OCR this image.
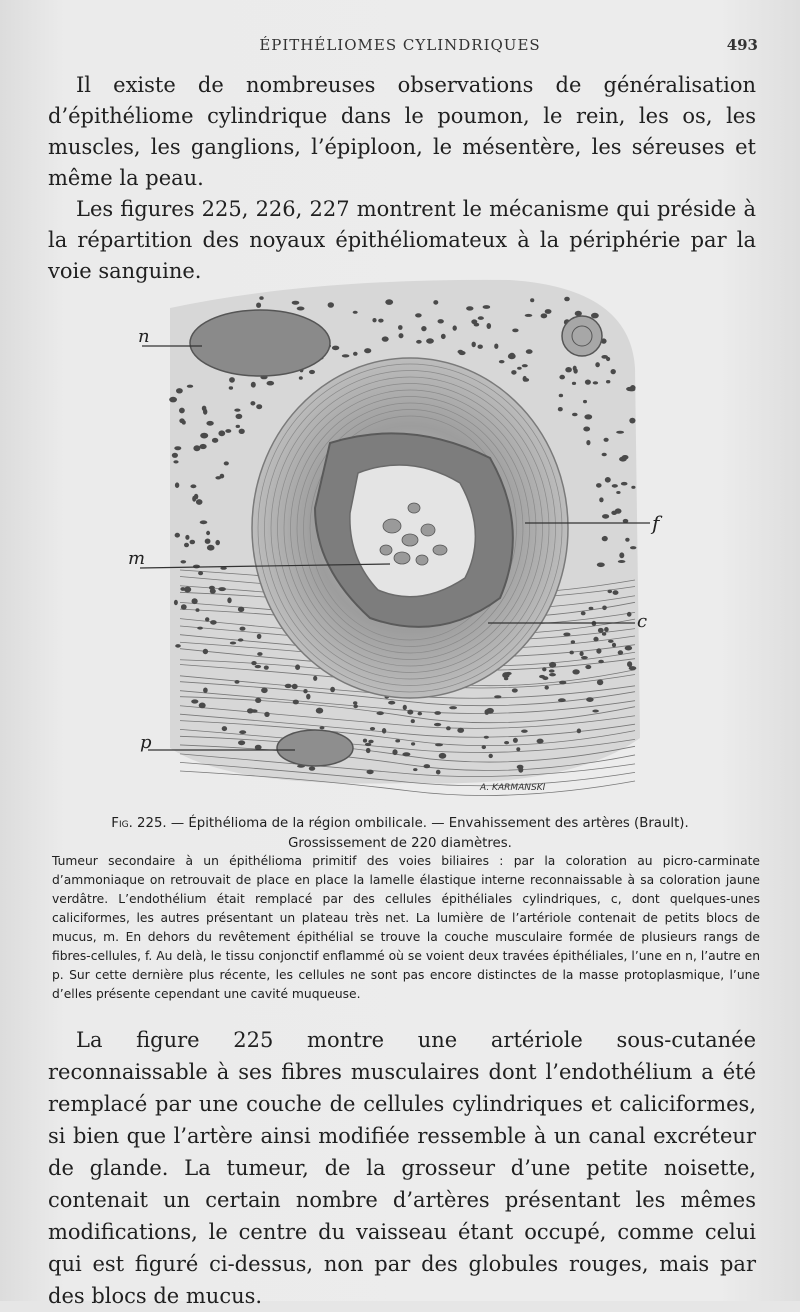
ÉPITHÉLIOMES CYLINDRIQUES	493

Il existe de nombreuses observations de généralisation d’épithéliome cylindrique dans le poumon, le rein, les os, les muscles, les ganglions, l’épiploon, le mésentère, les séreuses et même la peau.

Les figures 225, 226, 227 montrent le mécanisme qui préside à la répartition des noyaux épithéliomateux à la périphérie par la voie sanguine.

n
m
f
c
p
A. KARMANSKI
Fig. 225. — Épithélioma de la région ombilicale. — Envahissement des artères (Brault).
Grossissement de 220 diamètres.

Tumeur secondaire à un épithélioma primitif des voies biliaires : par la coloration au picro-carminate d’ammoniaque on retrouvait de place en place la lamelle élastique interne reconnaissable à sa coloration jaune verdâtre. L’endothélium était remplacé par des cellules épithéliales cylindriques, c, dont quelques-unes caliciformes, les autres présentant un plateau très net. La lumière de l’artériole contenait de petits blocs de mucus, m. En dehors du revêtement épithélial se trouve la couche musculaire formée de plusieurs rangs de fibres-cellules, f. Au delà, le tissu conjonctif enflammé où se voient deux travées épithéliales, l’une en n, l’autre en p. Sur cette dernière plus récente, les cellules ne sont pas encore distinctes de la masse protoplasmique, l’une d’elles présente cependant une cavité muqueuse.

La figure 225 montre une artériole sous-cutanée reconnaissable à ses fibres musculaires dont l’endothélium a été remplacé par une couche de cellules cylindriques et caliciformes, si bien que l’artère ainsi modifiée ressemble à un canal excréteur de glande. La tumeur, de la grosseur d’une petite noisette, contenait un certain nombre d’artères présentant les mêmes modifications, le centre du vaisseau étant occupé, comme celui qui est figuré ci-dessus, non par des globules rouges, mais par des blocs de mucus.
